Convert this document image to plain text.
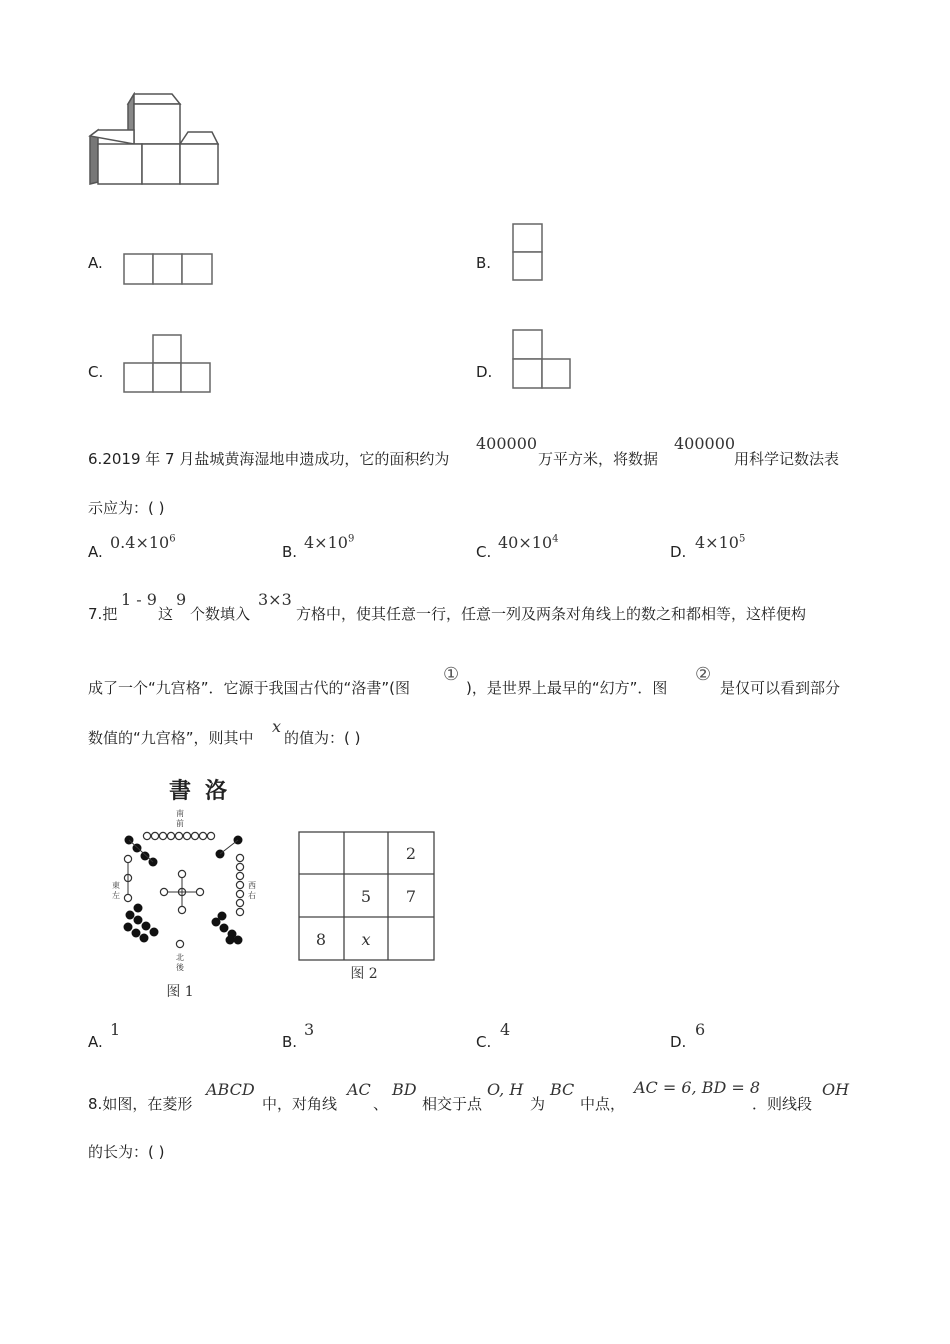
A.	B.
C.	D.
6.2019 年 7 月盐城黄海湿地申遗成功，它的面积约为
400000
万平方米，将数据
400000
用科学记数法表
示应为：( )
A. $0.4\times 10^6$
B. $4\times 10^9$
C. $40\times 10^4$
D. $4\times 10^5$
7.把
1 - 9
这
9
个数填入
3×3
方格中，使其任意一行，任意一列及两条对角线上的数之和都相等，这样便构
成了一个“九宫格”．它源于我国古代的“洛書”(图
①
)，是世界上最早的“幻方”．图
②
是仅可以看到部分
数值的“九宫格”，则其中
x
的值为：( )
書 洛
南
前
東
左
西
右
北
後
图 1
2
5 7
8 x
图 2
A.
1
B.
3
C.
4
D.
6
8.如图，在菱形
ABCD
中，对角线
AC
、
BD
相交于点
O, H
为
BC
中点，
AC = 6, BD = 8
．则线段
OH
的长为：( )
